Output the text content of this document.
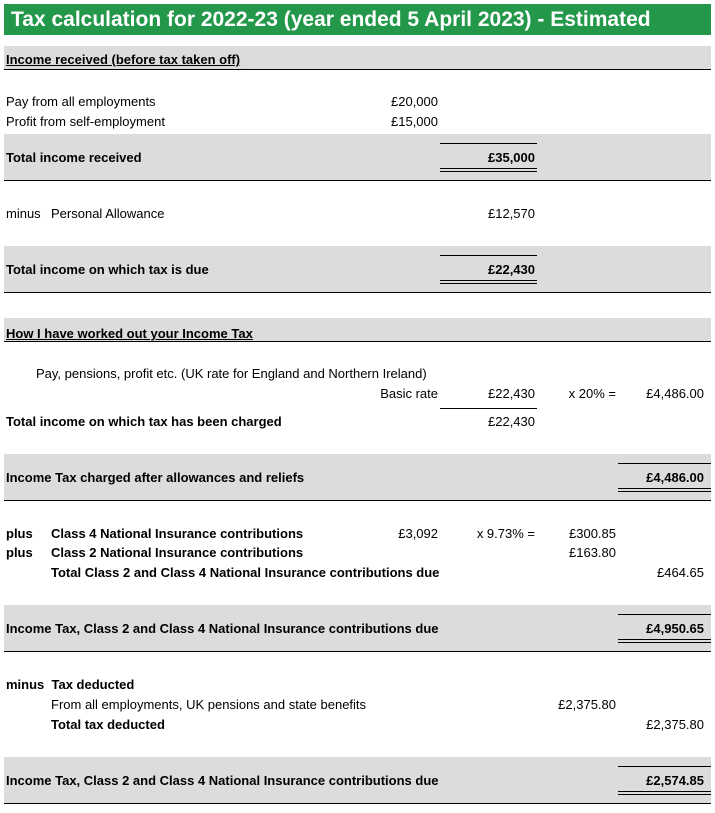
Tax calculation for 2022-23 (year ended 5 April 2023) - Estimated
Income received (before tax taken off)
Pay from all employments	£20,000
Profit from self-employment	£15,000
Total income received	£35,000
minus Personal Allowance	£12,570
Total income on which tax is due	£22,430
How I have worked out your Income Tax
Pay, pensions, profit etc. (UK rate for England and Northern Ireland)
Basic rate	£22,430	x 20% =	£4,486.00
Total income on which tax has been charged	£22,430
Income Tax charged after allowances and reliefs	£4,486.00
plus Class 4 National Insurance contributions	£3,092	x 9.73% =	£300.85
plus Class 2 National Insurance contributions	£163.80
Total Class 2 and Class 4 National Insurance contributions due	£464.65
Income Tax, Class 2 and Class 4 National Insurance contributions due	£4,950.65
minus  Tax deducted
From all employments, UK pensions and state benefits	£2,375.80
Total tax deducted	£2,375.80
Income Tax, Class 2 and Class 4 National Insurance contributions due	£2,574.85
